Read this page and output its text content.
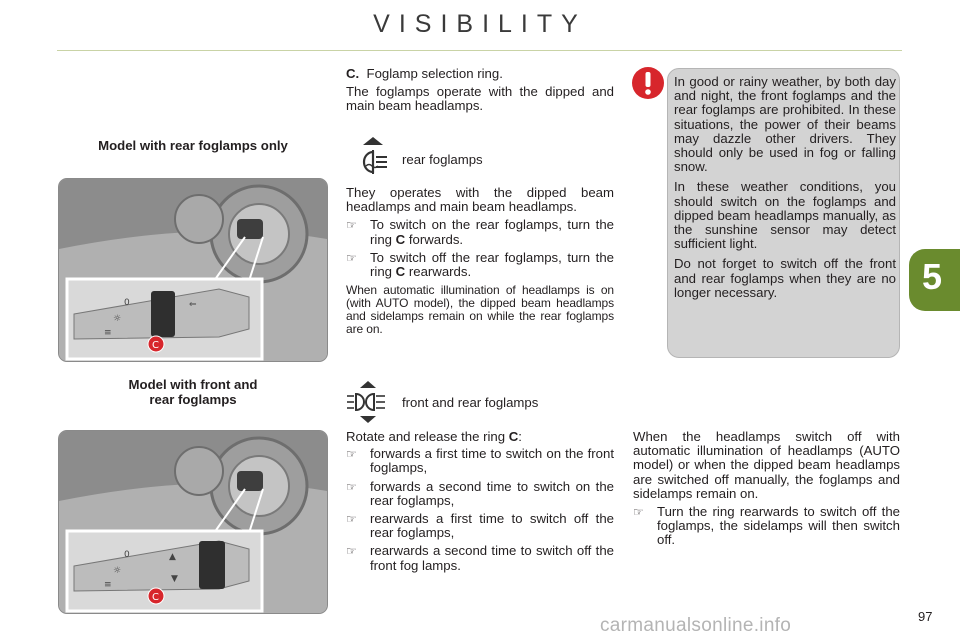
VISIBILITY
5
Model with rear foglamps only
0
☼
≡
⇐
C
Model with front and
rear foglamps
0
☼
≡
▲
▼
C

C. Foglamp selection ring.

The foglamps operate with the dipped and main beam headlamps.

rear foglamps

They operates with the dipped beam headlamps and main beam headlamps.

☞ To switch on the rear foglamps, turn the ring C forwards.
☞ To switch off the rear foglamps, turn the ring C rearwards.

When automatic illumination of headlamps is on (with AUTO model), the dipped beam headlamps and sidelamps remain on while the rear foglamps are on.

front and rear foglamps

Rotate and release the ring C:

☞ forwards a first time to switch on the front foglamps,
☞ forwards a second time to switch on the rear foglamps,
☞ rearwards a first time to switch off the rear foglamps,
☞ rearwards a second time to switch off the front fog lamps.

In good or rainy weather, by both day and night, the front foglamps and the rear foglamps are prohibited. In these situations, the power of their beams may dazzle other drivers. They should only be used in fog or falling snow.

In these weather conditions, you should switch on the foglamps and dipped beam headlamps manually, as the sunshine sensor may detect sufficient light.

Do not forget to switch off the front and rear foglamps when they are no longer necessary.

When the headlamps switch off with automatic illumination of headlamps (AUTO model) or when the dipped beam headlamps are switched off manually, the foglamps and sidelamps remain on.

☞ Turn the ring rearwards to switch off the foglamps, the sidelamps will then switch off.
carmanualsonline.info	97
